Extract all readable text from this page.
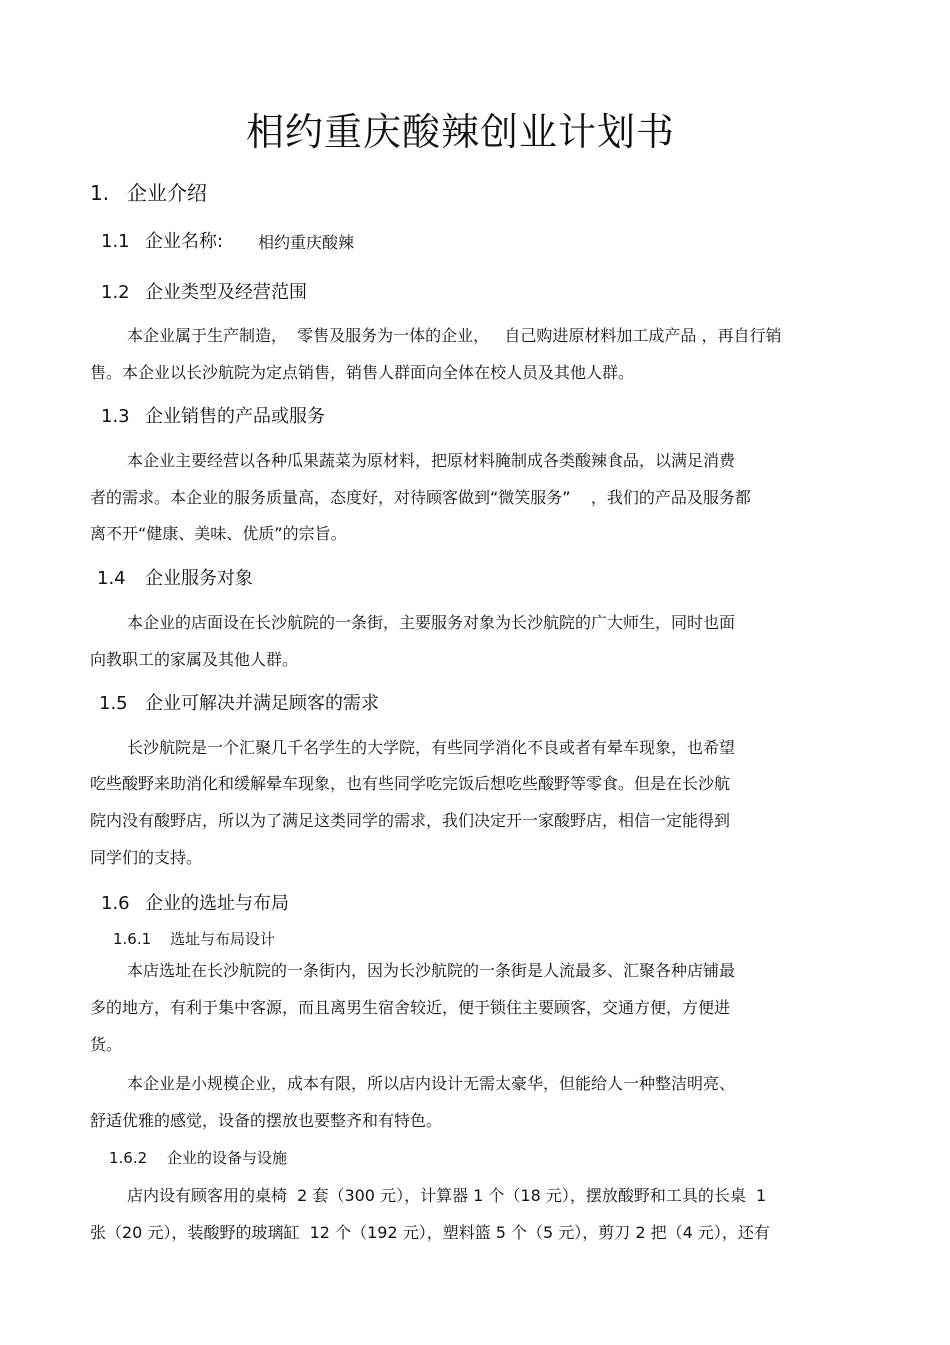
相约重庆酸辣创业计划书
1. 企业介绍
1.1 企业名称: 相约重庆酸辣
1.2 企业类型及经营范围
本企业属于生产制造，  零售及服务为一体的企业，   自己购进原材料加工成产品 ，再自行销
售。本企业以长沙航院为定点销售，销售人群面向全体在校人员及其他人群。
1.3 企业销售的产品或服务
本企业主要经营以各种瓜果蔬菜为原材料，把原材料腌制成各类酸辣食品，以满足消费
者的需求。本企业的服务质量高，态度好，对待顾客做到“微笑服务”    ，我们的产品及服务都
离不开“健康、美味、优质”的宗旨。
1.4 企业服务对象
本企业的店面设在长沙航院的一条街，主要服务对象为长沙航院的广大师生，同时也面
向教职工的家属及其他人群。
1.5 企业可解决并满足顾客的需求
长沙航院是一个汇聚几千名学生的大学院，有些同学消化不良或者有晕车现象，也希望
吃些酸野来助消化和缓解晕车现象，也有些同学吃完饭后想吃些酸野等零食。但是在长沙航
院内没有酸野店，所以为了满足这类同学的需求，我们决定开一家酸野店，相信一定能得到
同学们的支持。
1.6 企业的选址与布局
1.6.1 选址与布局设计
本店选址在长沙航院的一条街内，因为长沙航院的一条街是人流最多、汇聚各种店铺最
多的地方，有利于集中客源，而且离男生宿舍较近，便于锁住主要顾客，交通方便，方便进
货。
本企业是小规模企业，成本有限，所以店内设计无需太豪华，但能给人一种整洁明亮、
舒适优雅的感觉，设备的摆放也要整齐和有特色。
1.6.2 企业的设备与设施
店内设有顾客用的桌椅  2 套（300 元），计算器 1 个（18 元），摆放酸野和工具的长桌  1
张（20 元），装酸野的玻璃缸  12 个（192 元），塑料篮 5 个（5 元），剪刀 2 把（4 元），还有
